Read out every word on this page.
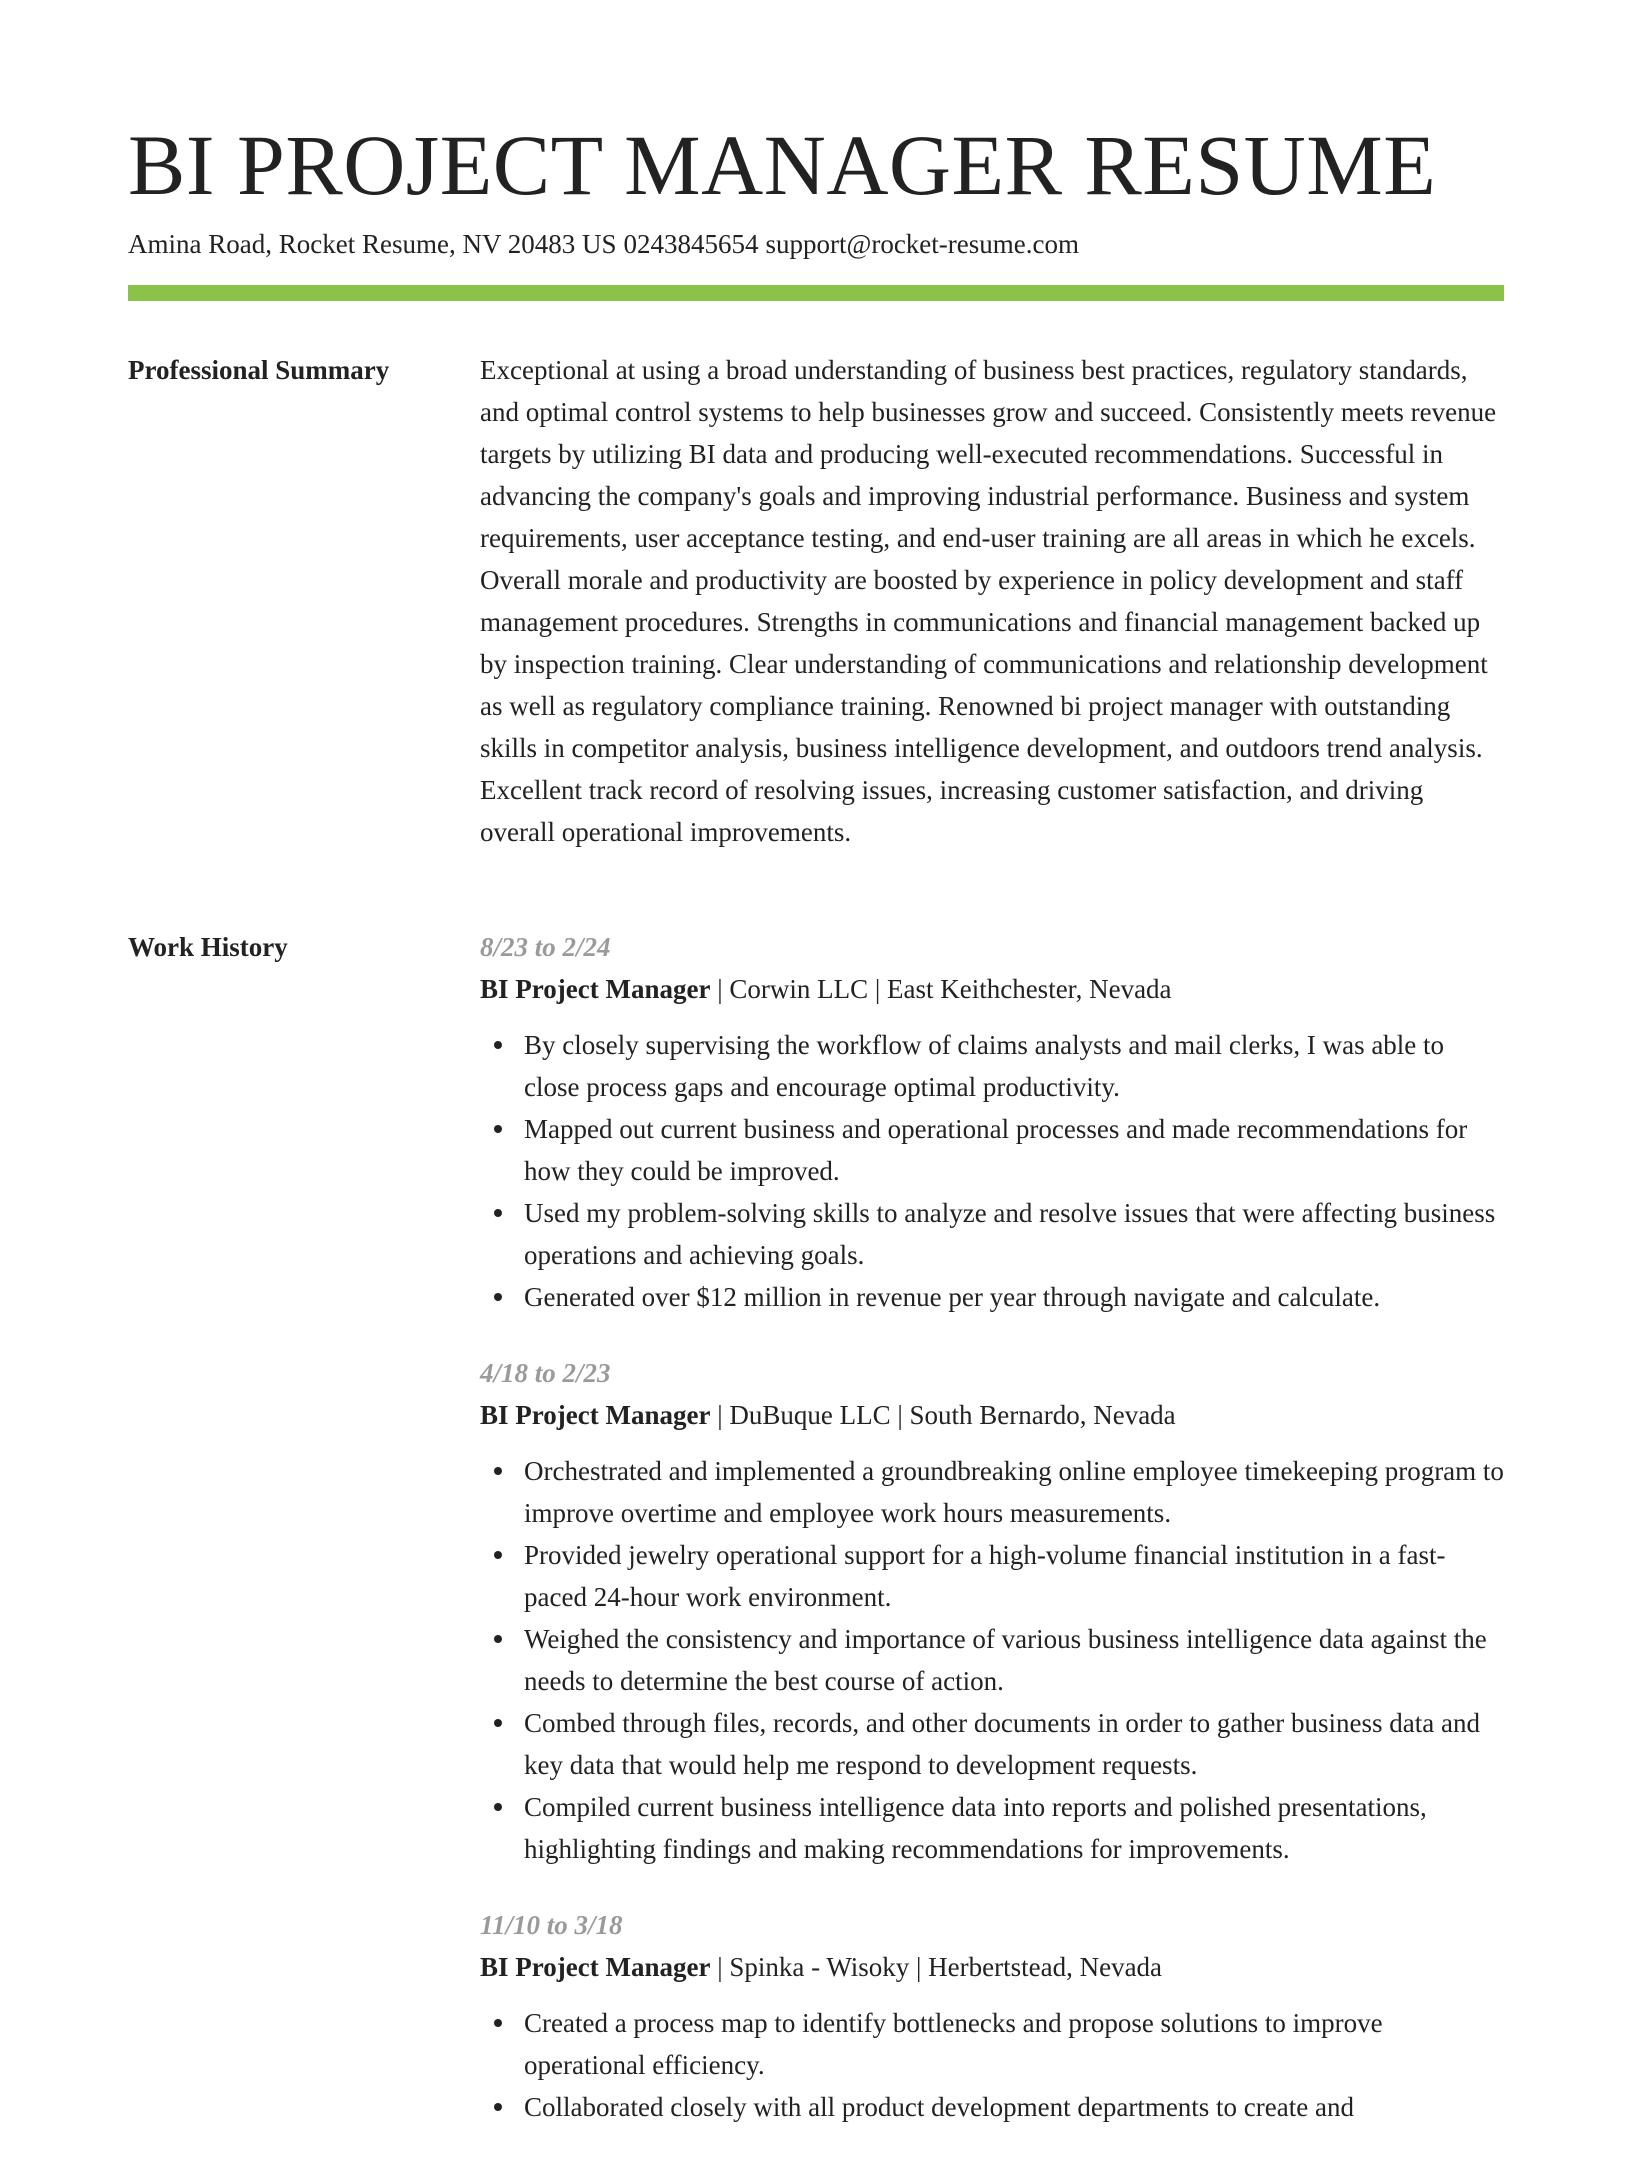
BI PROJECT MANAGER RESUME
Amina Road, Rocket Resume, NV 20483 US 0243845654 support@rocket-resume.com
Professional Summary	Exceptional at using a broad understanding of business best practices, regulatory standards, and optimal control systems to help businesses grow and succeed. Consistently meets revenue targets by utilizing BI data and producing well-executed recommendations. Successful in advancing the company's goals and improving industrial performance. Business and system requirements, user acceptance testing, and end-user training are all areas in which he excels. Overall morale and productivity are boosted by experience in policy development and staff management procedures. Strengths in communications and financial management backed up by inspection training. Clear understanding of communications and relationship development as well as regulatory compliance training. Renowned bi project manager with outstanding skills in competitor analysis, business intelligence development, and outdoors trend analysis. Excellent track record of resolving issues, increasing customer satisfaction, and driving overall operational improvements.

Work History	8/23 to 2/24
BI Project Manager | Corwin LLC | East Keithchester, Nevada
By closely supervising the workflow of claims analysts and mail clerks, I was able to close process gaps and encourage optimal productivity.
Mapped out current business and operational processes and made recommendations for how they could be improved.
Used my problem-solving skills to analyze and resolve issues that were affecting business operations and achieving goals.
Generated over $12 million in revenue per year through navigate and calculate.
4/18 to 2/23
BI Project Manager | DuBuque LLC | South Bernardo, Nevada
Orchestrated and implemented a groundbreaking online employee timekeeping program to improve overtime and employee work hours measurements.
Provided jewelry operational support for a high-volume financial institution in a fast-paced 24-hour work environment.
Weighed the consistency and importance of various business intelligence data against the needs to determine the best course of action.
Combed through files, records, and other documents in order to gather business data and key data that would help me respond to development requests.
Compiled current business intelligence data into reports and polished presentations, highlighting findings and making recommendations for improvements.
11/10 to 3/18
BI Project Manager | Spinka - Wisoky | Herbertstead, Nevada
Created a process map to identify bottlenecks and propose solutions to improve operational efficiency.
Collaborated closely with all product development departments to create and
